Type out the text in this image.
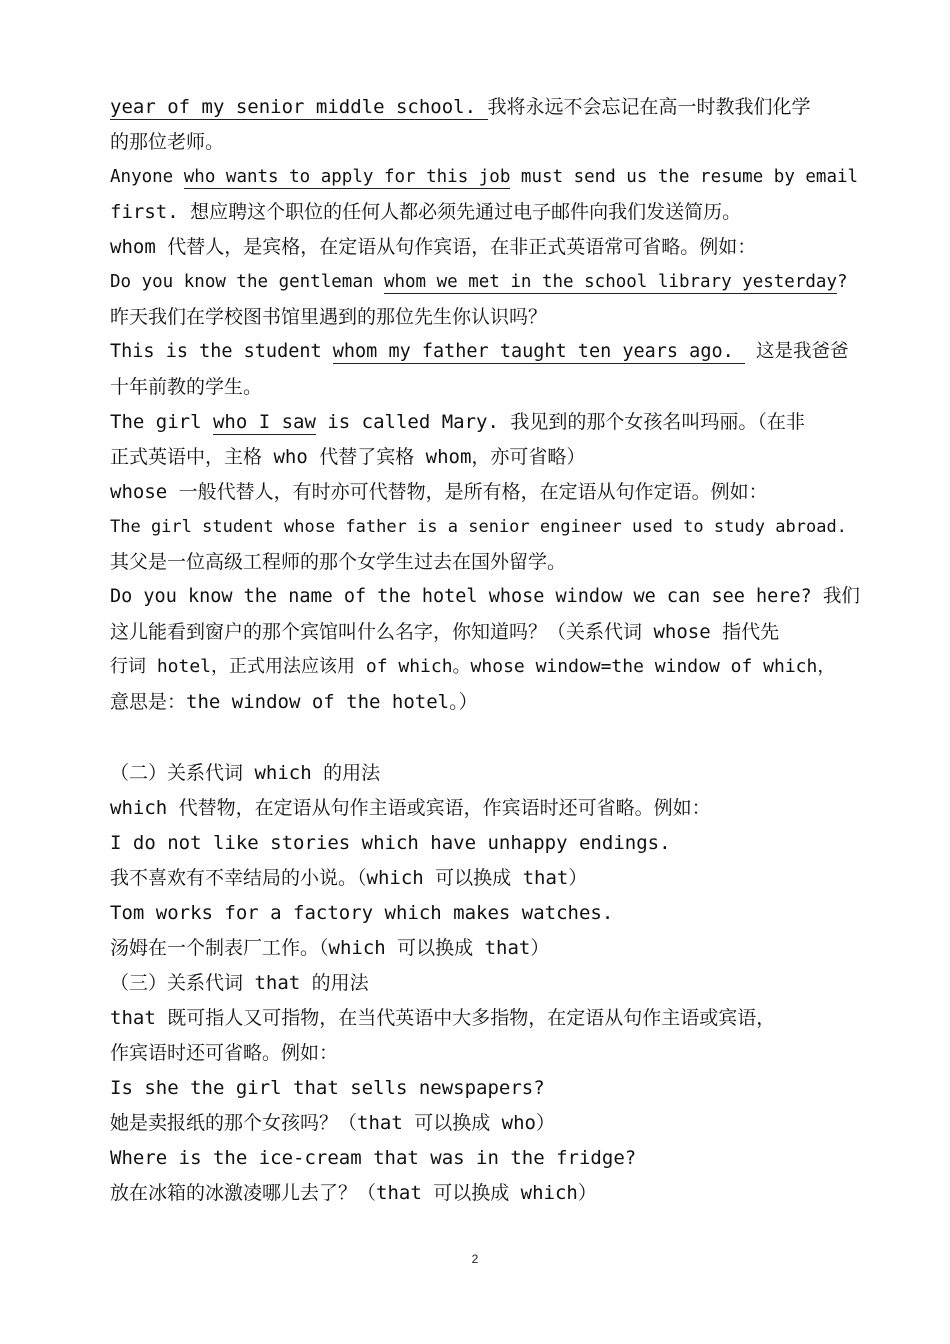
year of my senior middle school. 我将永远不会忘记在高一时教我们化学
的那位老师。
Anyone who wants to apply for this job must send us the resume by email
first. 想应聘这个职位的任何人都必须先通过电子邮件向我们发送简历。
whom 代替人，是宾格，在定语从句作宾语，在非正式英语常可省略。例如：
Do you know the gentleman whom we met in the school library yesterday?
昨天我们在学校图书馆里遇到的那位先生你认识吗？
This is the student whom my father taught ten years ago.  这是我爸爸
十年前教的学生。
The girl who I saw is called Mary. 我见到的那个女孩名叫玛丽。（在非
正式英语中，主格 who 代替了宾格 whom，亦可省略）
whose 一般代替人，有时亦可代替物，是所有格，在定语从句作定语。例如：
The girl student whose father is a senior engineer used to study abroad.
其父是一位高级工程师的那个女学生过去在国外留学。
Do you know the name of the hotel whose window we can see here? 我们
这儿能看到窗户的那个宾馆叫什么名字，你知道吗？（关系代词 whose 指代先
行词 hotel，正式用法应该用 of which。whose window=the window of which，
意思是：the window of the hotel。）
（二）关系代词 which 的用法
which 代替物，在定语从句作主语或宾语，作宾语时还可省略。例如：
I do not like stories which have unhappy endings.
我不喜欢有不幸结局的小说。（which 可以换成 that）
Tom works for a factory which makes watches.
汤姆在一个制表厂工作。（which 可以换成 that）
（三）关系代词 that 的用法
that 既可指人又可指物，在当代英语中大多指物，在定语从句作主语或宾语，
作宾语时还可省略。例如：
Is she the girl that sells newspapers?
她是卖报纸的那个女孩吗？（that 可以换成 who）
Where is the ice-cream that was in the fridge?
放在冰箱的冰激凌哪儿去了？（that 可以换成 which）
2
